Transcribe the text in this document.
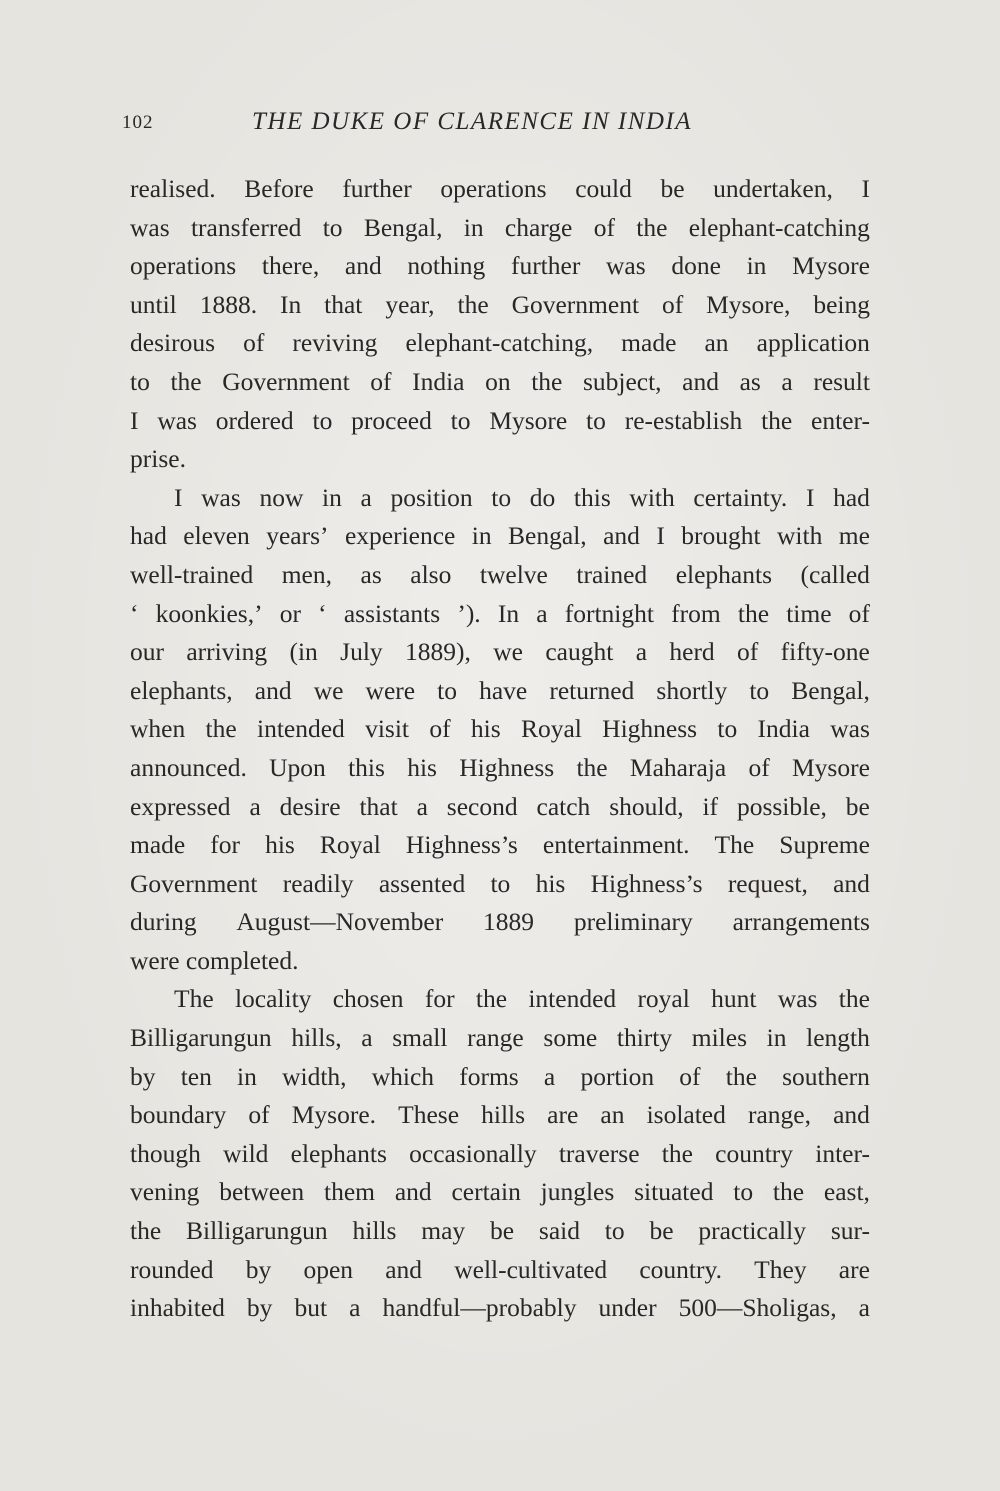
102	THE DUKE OF CLARENCE IN INDIA
realised. Before further operations could be undertaken, I
was transferred to Bengal, in charge of the elephant-catching
operations there, and nothing further was done in Mysore
until 1888. In that year, the Government of Mysore, being
desirous of reviving elephant-catching, made an application
to the Government of India on the subject, and as a result
I was ordered to proceed to Mysore to re-establish the enter-
prise.
I was now in a position to do this with certainty. I had
had eleven years’ experience in Bengal, and I brought with me
well-trained men, as also twelve trained elephants (called
‘ koonkies,’ or ‘ assistants ’). In a fortnight from the time of
our arriving (in July 1889), we caught a herd of fifty-one
elephants, and we were to have returned shortly to Bengal,
when the intended visit of his Royal Highness to India was
announced. Upon this his Highness the Maharaja of Mysore
expressed a desire that a second catch should, if possible, be
made for his Royal Highness’s entertainment. The Supreme
Government readily assented to his Highness’s request, and
during August—November 1889 preliminary arrangements
were completed.
The locality chosen for the intended royal hunt was the
Billigarungun hills, a small range some thirty miles in length
by ten in width, which forms a portion of the southern
boundary of Mysore. These hills are an isolated range, and
though wild elephants occasionally traverse the country inter-
vening between them and certain jungles situated to the east,
the Billigarungun hills may be said to be practically sur-
rounded by open and well-cultivated country. They are
inhabited by but a handful—probably under 500—Sholigas, a
